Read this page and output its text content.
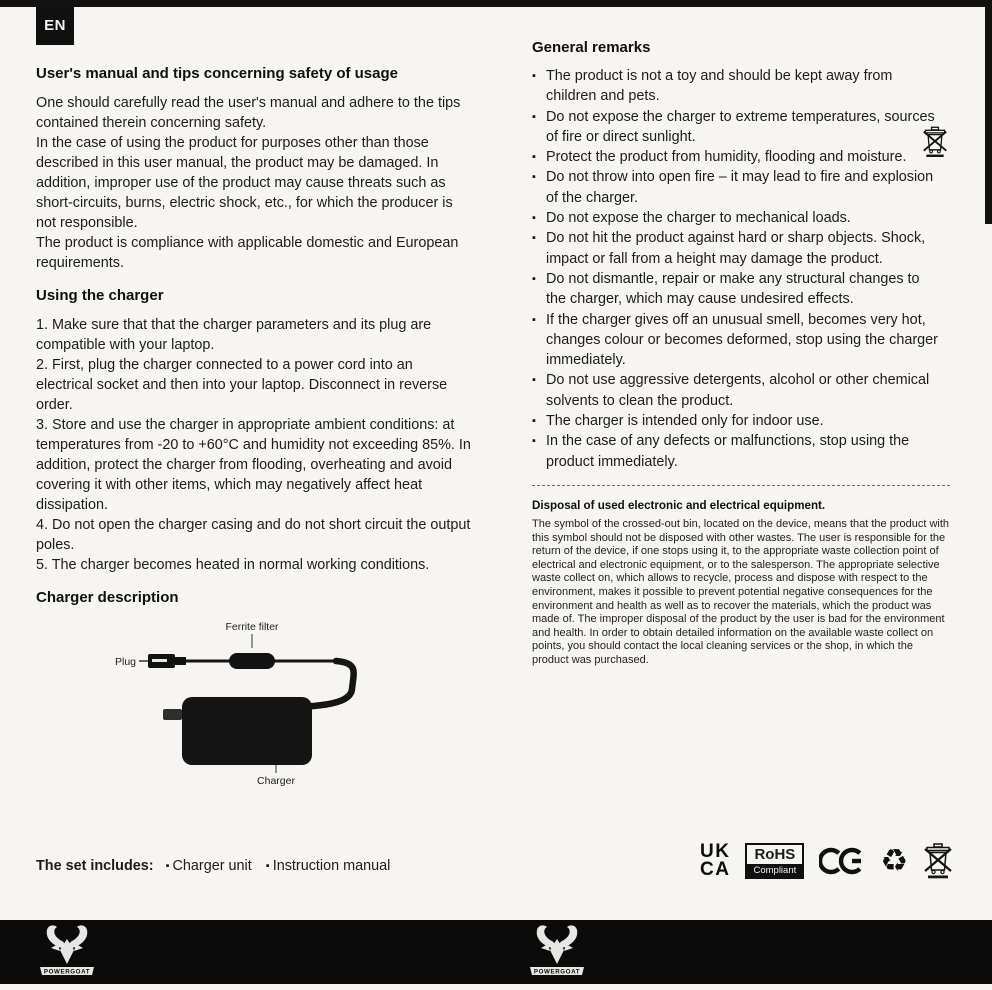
EN
User's manual and tips concerning safety of usage

One should carefully read the user's manual and adhere to the tips contained therein concerning safety.

In the case of using the product for purposes other than those described in this user manual, the product may be damaged. In addition, improper use of the product may cause threats such as short-circuits, burns, electric shock, etc., for which the producer is not responsible.

The product is compliance with applicable domestic and European requirements.

Using the charger

1. Make sure that that the charger parameters and its plug are compatible with your laptop.

2. First, plug the charger connected to a power cord into an electrical socket and then into your laptop. Disconnect in reverse order.

3. Store and use the charger in appropriate ambient conditions: at temperatures from -20 to +60°C and humidity not exceeding 85%. In addition, protect the charger from flooding, overheating and avoid covering it with other items, which may negatively affect heat dissipation.

4. Do not open the charger casing and do not short circuit the output poles.

5. The charger becomes heated in normal working conditions.

Charger description
Ferrite filter
Plug
Charger
The set includes: ▪ Charger unit ▪ Instruction manual
General remarks
▪ The product is not a toy and should be kept away from children and pets.
▪ Do not expose the charger to extreme temperatures, sources of fire or direct sunlight.
▪ Protect the product from humidity, flooding and moisture.
▪ Do not throw into open fire – it may lead to fire and explosion of the charger.
▪ Do not expose the charger to mechanical loads.
▪ Do not hit the product against hard or sharp objects. Shock, impact or fall from a height may damage the product.
▪ Do not dismantle, repair or make any structural changes to the charger, which may cause undesired effects.
▪ If the charger gives off an unusual smell, becomes very hot, changes colour or becomes deformed, stop using the charger immediately.
▪ Do not use aggressive detergents, alcohol or other chemical solvents to clean the product.
▪ The charger is intended only for indoor use.
▪ In the case of any defects or malfunctions, stop using the product immediately.
Disposal of used electronic and electrical equipment.

The symbol of the crossed-out bin, located on the device, means that the product with this symbol should not be disposed with other wastes. The user is responsible for the return of the device, if one stops using it, to the appropriate waste collection point of electrical and electronic equipment, or to the salesperson. The appropriate selective waste collect on, which allows to recycle, process and dispose with respect to the environment, makes it possible to prevent potential negative consequences for the environment and health as well as to recover the materials, which the product was made of. The improper disposal of the product by the user is bad for the environment and health. In order to obtain detailed information on the available waste collect on points, you should contact the local cleaning services or the shop, in which the product was purchased.

UK
CA
RoHS
Compliant	♻
POWERGOAT	POWERGOAT
